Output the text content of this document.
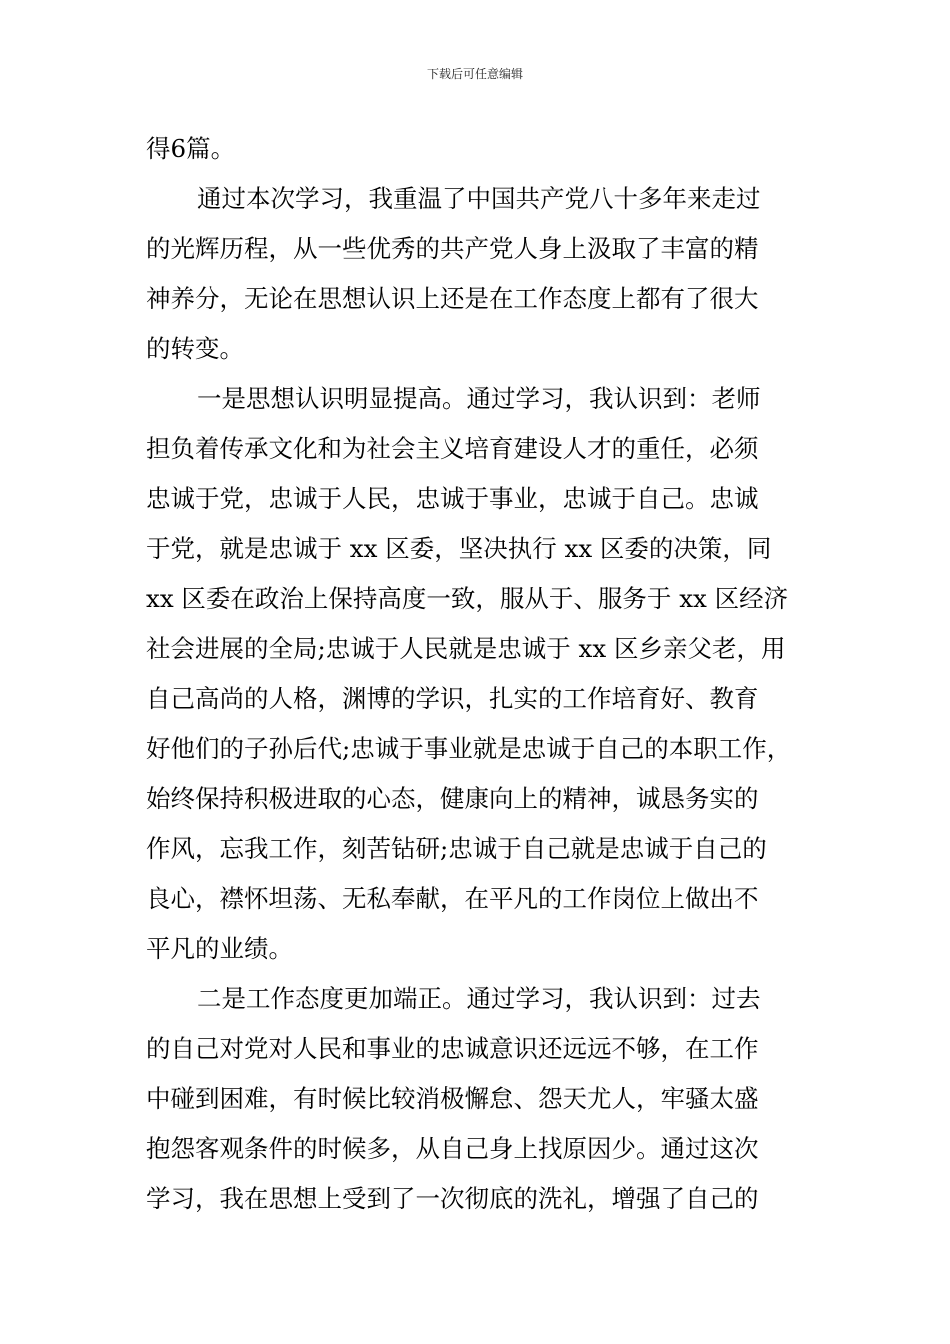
下载后可任意编辑
得6篇。
通过本次学习，我重温了中国共产党八十多年来走过
的光辉历程，从一些优秀的共产党人身上汲取了丰富的精
神养分，无论在思想认识上还是在工作态度上都有了很大
的转变。
一是思想认识明显提高。通过学习，我认识到：老师
担负着传承文化和为社会主义培育建设人才的重任，必须
忠诚于党，忠诚于人民，忠诚于事业，忠诚于自己。忠诚
于党，就是忠诚于 xx 区委，坚决执行 xx 区委的决策，同
xx 区委在政治上保持高度一致，服从于、服务于 xx 区经济
社会进展的全局;忠诚于人民就是忠诚于 xx 区乡亲父老，用
自己高尚的人格，渊博的学识，扎实的工作培育好、教育
好他们的子孙后代;忠诚于事业就是忠诚于自己的本职工作，
始终保持积极进取的心态，健康向上的精神，诚恳务实的
作风，忘我工作，刻苦钻研;忠诚于自己就是忠诚于自己的
良心，襟怀坦荡、无私奉献，在平凡的工作岗位上做出不
平凡的业绩。
二是工作态度更加端正。通过学习，我认识到：过去
的自己对党对人民和事业的忠诚意识还远远不够，在工作
中碰到困难，有时候比较消极懈怠、怨天尤人，牢骚太盛
抱怨客观条件的时候多，从自己身上找原因少。通过这次
学习，我在思想上受到了一次彻底的洗礼，增强了自己的
